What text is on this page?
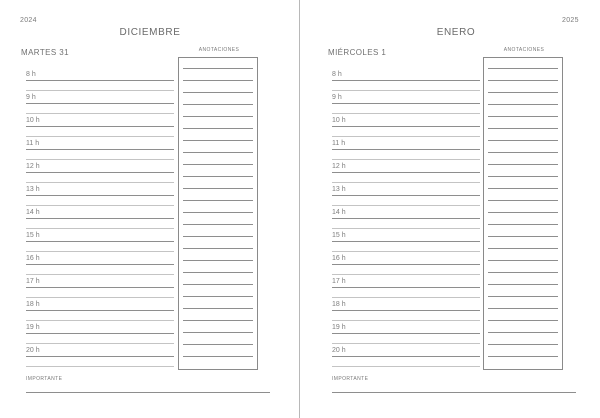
2024
DICIEMBRE
MARTES 31	ANOTACIONES
8 h
9 h
10 h
11 h
12 h
13 h
14 h
15 h
16 h
17 h
18 h
19 h
20 h
IMPORTANTE
2025
ENERO
MIÉRCOLES 1	ANOTACIONES
8 h
9 h
10 h
11 h
12 h
13 h
14 h
15 h
16 h
17 h
18 h
19 h
20 h
IMPORTANTE
